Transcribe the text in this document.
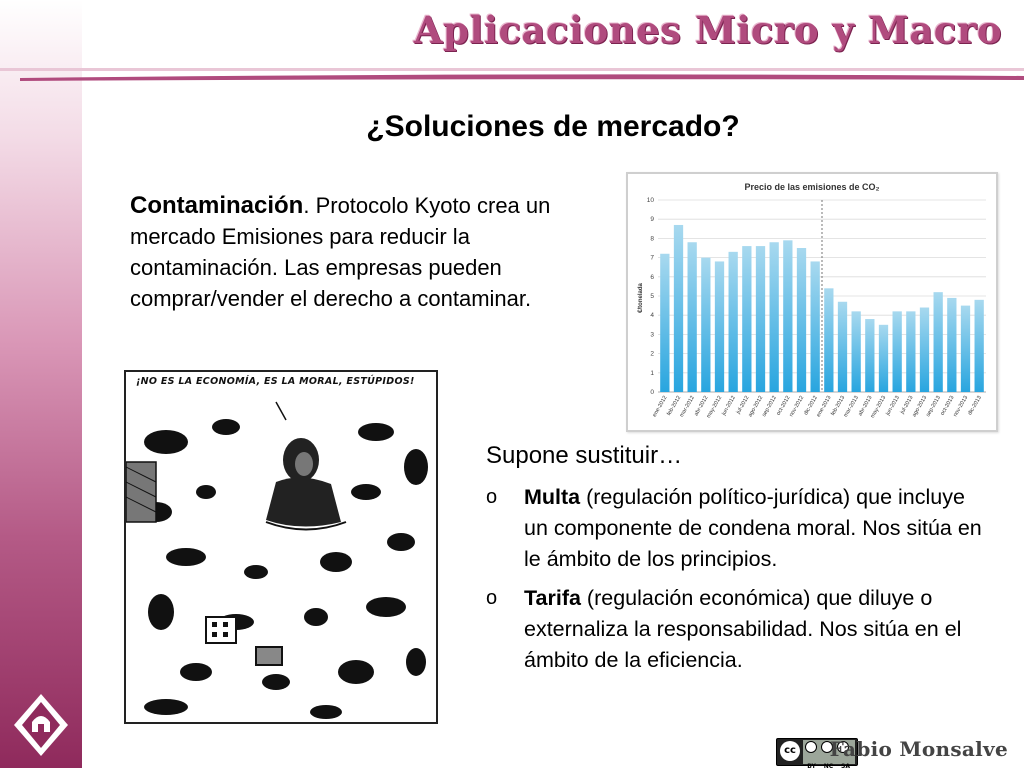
Aplicaciones Micro y Macro
¿Soluciones de mercado?
Contaminación. Protocolo Kyoto crea un mercado Emisiones para reducir la contaminación. Las empresas pueden comprar/vender el derecho a contaminar.
Precio de las emisiones de CO₂
€/tonelada
0
1
2
3
4
5
6
7
8
9
10
ene-2012
feb-2012
mar-2012
abr-2012
may-2012
jun-2012
jul-2012
ago-2012
sep-2012
oct-2012
nov-2012
dic-2012
ene-2013
feb-2013
mar-2013
abr-2013
may-2013
jun-2013
jul-2013
ago-2013
sep-2013
oct-2013
nov-2013
dic-2013
¡NO ES LA ECONOMÍA, ES LA MORAL, ESTÚPIDOS!
Supone sustituir…
o Multa (regulación político-jurídica) que incluye un componente de condena moral. Nos sitúa en le ámbito de los principios.
o Tarifa (regulación económica) que diluye o externaliza la responsabilidad. Nos sitúa en el ámbito de la eficiencia.
cc
BY NC SA
Fabio Monsalve
